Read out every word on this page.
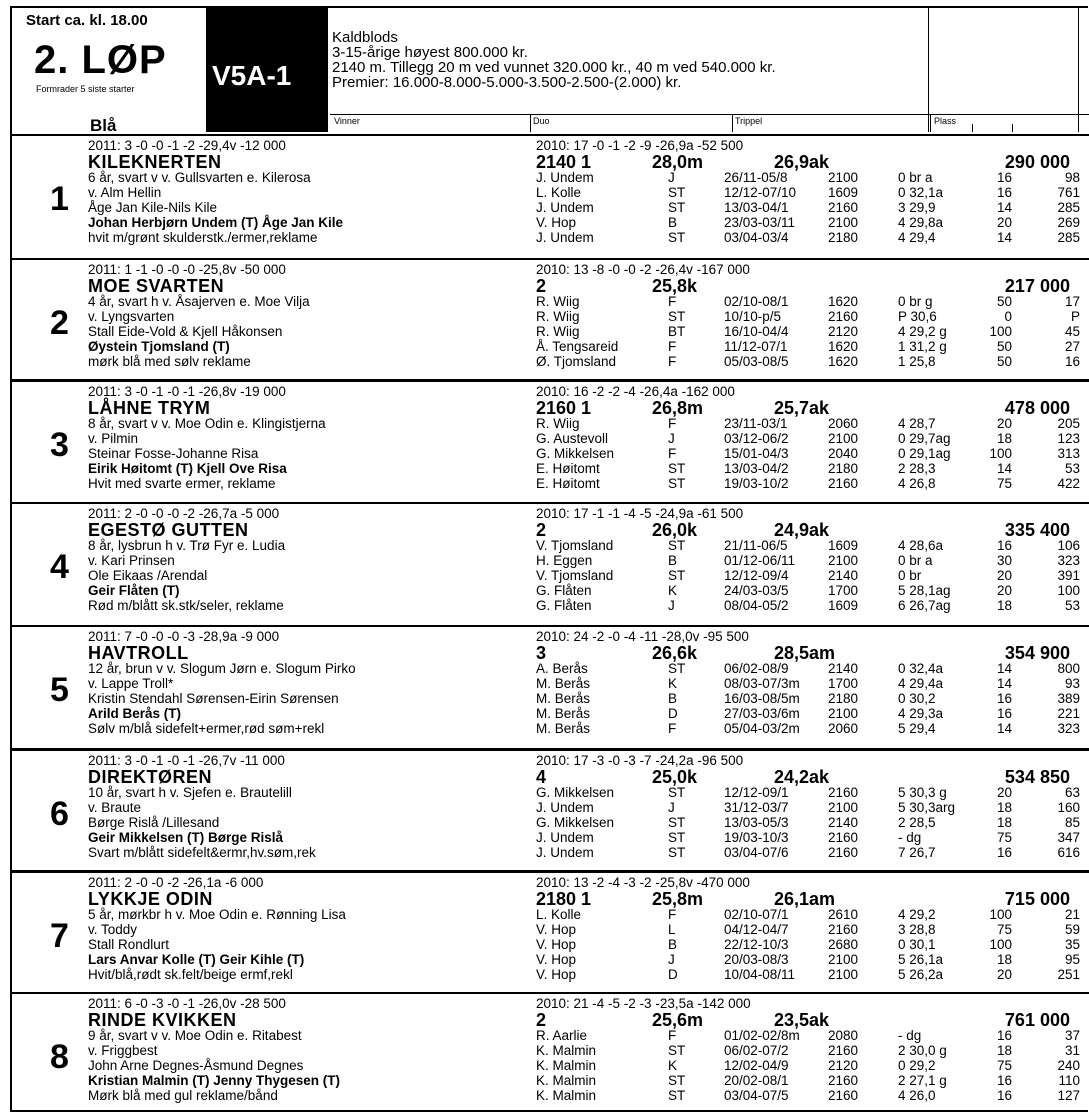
Start ca. kl. 18.00
2. LØP
Formrader 5 siste starter	V5A-1
Kaldblods
3-15-årige høyest 800.000 kr.
2140 m. Tillegg 20 m ved vunnet 320.000 kr., 40 m ved 540.000 kr.
Premier: 16.000-8.000-5.000-3.500-2.500-(2.000) kr.
Vinner	Duo	Trippel	Plass
Blå
1
2011: 3 -0 -0 -1 -2 -29,4v -12 000	2010: 17 -0 -1 -2 -9 -26,9a -52 500
KILEKNERTEN	2140 1	28,0m	26,9ak	290 000
6 år, svart v v. Gullsvarten e. Kilerosa	J. Undem	J	26/11-05/8	2100	0 br a	16	98
v. Alm Hellin	L. Kolle	ST	12/12-07/10 1609	0 32,1a	16	761
Åge Jan Kile-Nils Kile	J. Undem	ST	13/03-04/1	2160	3 29,9	14	285
Johan Herbjørn Undem (T) Åge Jan Kile	V. Hop	B	23/03-03/11 2100	4 29,8a	20	269
hvit m/grønt skulderstk./ermer,reklame	J. Undem	ST	03/04-03/4	2180	4 29,4	14	285
2
2011: 1 -1 -0 -0 -0 -25,8v -50 000	2010: 13 -8 -0 -0 -2 -26,4v -167 000
MOE SVARTEN	2	25,8k	217 000
4 år, svart h v. Åsajerven e. Moe Vilja	R. Wiig	F	02/10-08/1	1620	0 br g	50	17
v. Lyngsvarten	R. Wiig	ST	10/10-p/5	2160	P 30,6	0	P
Stall Eide-Vold & Kjell Håkonsen	R. Wiig	BT	16/10-04/4	2120	4 29,2 g	100	45
Øystein Tjomsland (T)	Å. Tengsareid	F	11/12-07/1	1620	1 31,2 g	50	27
mørk blå med sølv reklame	Ø. Tjomsland	F	05/03-08/5	1620	1 25,8	50	16
3
2011: 3 -0 -1 -0 -1 -26,8v -19 000	2010: 16 -2 -2 -4 -26,4a -162 000
LÅHNE TRYM	2160 1	26,8m	25,7ak	478 000
8 år, svart v v. Moe Odin e. Klingistjerna	R. Wiig	F	23/11-03/1	2060	4 28,7	20	205
v. Pilmin	G. Austevoll	J	03/12-06/2	2100	0 29,7ag	18	123
Steinar Fosse-Johanne Risa	G. Mikkelsen	F	15/01-04/3	2040	0 29,1ag	100	313
Eirik Høitomt (T) Kjell Ove Risa	E. Høitomt	ST	13/03-04/2	2180	2 28,3	14	53
Hvit med svarte ermer, reklame	E. Høitomt	ST	19/03-10/2	2160	4 26,8	75	422
4
2011: 2 -0 -0 -0 -2 -26,7a -5 000	2010: 17 -1 -1 -4 -5 -24,9a -61 500
EGESTØ GUTTEN	2	26,0k	24,9ak	335 400
8 år, lysbrun h v. Trø Fyr e. Ludia	V. Tjomsland	ST	21/11-06/5	1609	4 28,6a	16	106
v. Kari Prinsen	H. Eggen	B	01/12-06/11 2100	0 br a	30	323
Ole Eikaas /Arendal	V. Tjomsland	ST	12/12-09/4	2140	0 br	20	391
Geir Flåten (T)	G. Flåten	K	24/03-03/5	1700	5 28,1ag	20	100
Rød m/blått sk.stk/seler, reklame	G. Flåten	J	08/04-05/2	1609	6 26,7ag	18	53
5
2011: 7 -0 -0 -0 -3 -28,9a -9 000	2010: 24 -2 -0 -4 -11 -28,0v -95 500
HAVTROLL	3	26,6k	28,5am	354 900
12 år, brun v v. Slogum Jørn e. Slogum Pirko	A. Berås	ST	06/02-08/9	2140	0 32,4a	14	800
v. Lappe Troll*	M. Berås	K	08/03-07/3m 1700	4 29,4a	14	93
Kristin Stendahl Sørensen-Eirin Sørensen	M. Berås	B	16/03-08/5m 2180	0 30,2	16	389
Arild Berås (T)	M. Berås	D	27/03-03/6m 2100	4 29,3a	16	221
Sølv m/blå sidefelt+ermer,rød søm+rekl	M. Berås	F	05/04-03/2m 2060	5 29,4	14	323
6
2011: 3 -0 -1 -0 -1 -26,7v -11 000	2010: 17 -3 -0 -3 -7 -24,2a -96 500
DIREKTØREN	4	25,0k	24,2ak	534 850
10 år, svart h v. Sjefen e. Brautelill	G. Mikkelsen	ST	12/12-09/1	2160	5 30,3 g	20	63
v. Braute	J. Undem	J	31/12-03/7	2100	5 30,3arg	18	160
Børge Rislå /Lillesand	G. Mikkelsen	ST	13/03-05/3	2140	2 28,5	18	85
Geir Mikkelsen (T) Børge Rislå	J. Undem	ST	19/03-10/3	2160	- dg	75	347
Svart m/blått sidefelt&ermr,hv.søm,rek	J. Undem	ST	03/04-07/6	2160	7 26,7	16	616
7
2011: 2 -0 -0 -2 -26,1a -6 000	2010: 13 -2 -4 -3 -2 -25,8v -470 000
LYKKJE ODIN	2180 1	25,8m	26,1am	715 000
5 år, mørkbr h v. Moe Odin e. Rønning Lisa	L. Kolle	F	02/10-07/1	2610	4 29,2	100	21
v. Toddy	V. Hop	L	04/12-04/7	2160	3 28,8	75	59
Stall Rondlurt	V. Hop	B	22/12-10/3	2680	0 30,1	100	35
Lars Anvar Kolle (T) Geir Kihle (T)	V. Hop	J	20/03-08/3	2100	5 26,1a	18	95
Hvit/blå,rødt sk.felt/beige ermf,rekl	V. Hop	D	10/04-08/11 2100	5 26,2a	20	251
8
2011: 6 -0 -3 -0 -1 -26,0v -28 500	2010: 21 -4 -5 -2 -3 -23,5a -142 000
RINDE KVIKKEN	2	25,6m	23,5ak	761 000
9 år, svart v v. Moe Odin e. Ritabest	R. Aarlie	F	01/02-02/8m 2080	- dg	16	37
v. Friggbest	K. Malmin	ST	06/02-07/2	2160	2 30,0 g	18	31
John Arne Degnes-Åsmund Degnes	K. Malmin	K	12/02-04/9	2120	0 29,2	75	240
Kristian Malmin (T) Jenny Thygesen (T)	K. Malmin	ST	20/02-08/1	2160	2 27,1 g	16	110
Mørk blå med gul reklame/bånd	K. Malmin	ST	03/04-07/5	2160	4 26,0	16	127
